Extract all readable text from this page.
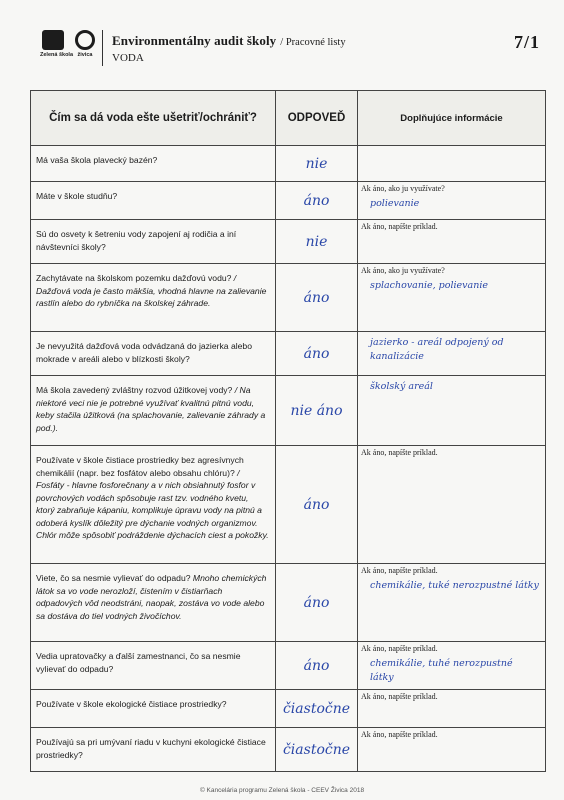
Zelená škola živica
Environmentálny audit školy / Pracovné listy
VODA
7/1
Čím sa dá voda ešte ušetriť/ochrániť?	ODPOVEĎ	Doplňujúce informácie
Má vaša škola plavecký bazén?	nie	
Máte v škole studňu?	áno	Ak áno, ako ju využívate?
polievanie

Sú do osvety k šetreniu vody zapojení aj rodičia a iní návštevníci školy?	nie	Ak áno, napíšte príklad.

Zachytávate na školskom pozemku dažďovú vodu? / Dažďová voda je často mäkšia, vhodná hlavne na zalievanie rastlín alebo do rybníčka na školskej záhrade.	áno	Ak áno, ako ju využívate?
splachovanie, polievanie

Je nevyužitá dažďová voda odvádzaná do jazierka alebo mokrade v areáli alebo v blízkosti školy?	áno	jazierko - areál odpojený od kanalizácie

Má škola zavedený zvláštny rozvod úžitkovej vody? / Na niektoré veci nie je potrebné využívať kvalitnú pitnú vodu, keby stačila úžitková (na splachovanie, zalievanie záhrady a pod.).	nie áno	školský areál

Používate v škole čistiace prostriedky bez agresívnych chemikálií (napr. bez fosfátov alebo obsahu chlóru)? / Fosfáty - hlavne fosforečnany a v nich obsiahnutý fosfor v povrchových vodách spôsobuje rast tzv. vodného kvetu, ktorý zabraňuje kápaniu, komplikuje úpravu vody na pitnú a odoberá kyslík dôležitý pre dýchanie vodných organizmov. Chlór môže spôsobiť podráždenie dýchacích ciest a pokožky.	áno	Ak áno, napíšte príklad.

Viete, čo sa nesmie vylievať do odpadu? Mnoho chemických látok sa vo vode nerozloží, čistením v čistiarňach odpadových vôd neodstráni, naopak, zostáva vo vode alebo sa dostáva do tiel vodných živočíchov.	áno	Ak áno, napíšte príklad.
chemikálie, tuké nerozpustné látky

Vedia upratovačky a ďalší zamestnanci, čo sa nesmie vylievať do odpadu?	áno	Ak áno, napíšte príklad.
chemikálie, tuhé nerozpustné látky

Používate v škole ekologické čistiace prostriedky?	čiastočne	Ak áno, napíšte príklad.

Používajú sa pri umývaní riadu v kuchyni ekologické čistiace prostriedky?	čiastočne	Ak áno, napíšte príklad.
© Kancelária programu Zelená škola - CEEV Živica 2018
